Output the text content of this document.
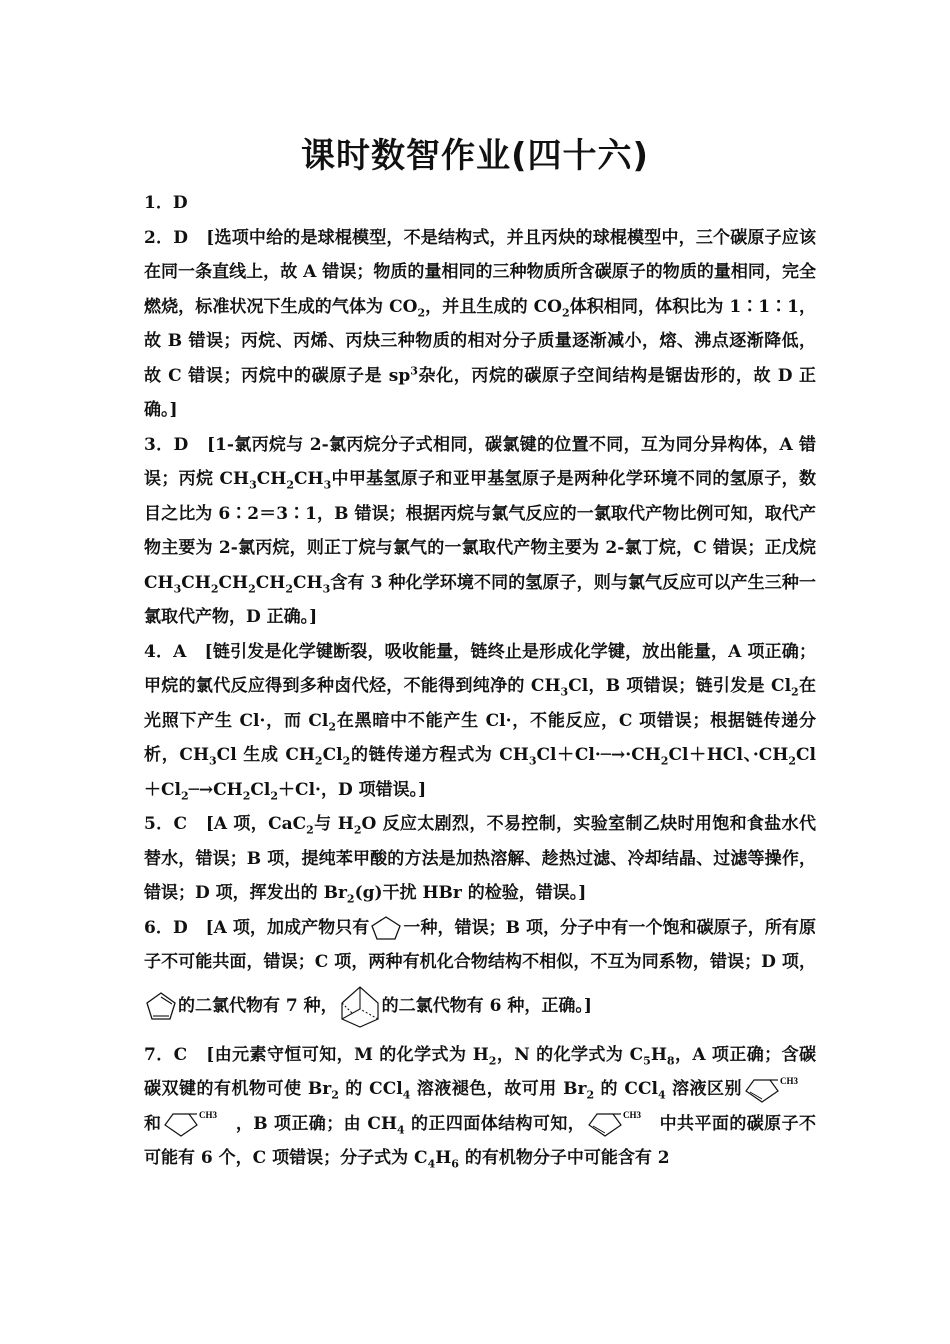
课时数智作业(四十六)

1．D

2．D [选项中给的是球棍模型，不是结构式，并且丙炔的球棍模型中，三个碳原子应该在同一条直线上，故 A 错误；物质的量相同的三种物质所含碳原子的物质的量相同，完全燃烧，标准状况下生成的气体为 $CO_2$，并且生成的 $CO_2$体积相同，体积比为 1∶1∶1，故 B 错误；丙烷、丙烯、丙炔三种物质的相对分子质量逐渐减小，熔、沸点逐渐降低，故 C 错误；丙烷中的碳原子是 $sp^3$杂化，丙烷的碳原子空间结构是锯齿形的，故 D 正确。]

3．D [1-氯丙烷与 2-氯丙烷分子式相同，碳氯键的位置不同，互为同分异构体，A 错误；丙烷 $CH_3CH_2CH_3$中甲基氢原子和亚甲基氢原子是两种化学环境不同的氢原子，数目之比为 6∶2＝3∶1，B 错误；根据丙烷与氯气反应的一氯取代产物比例可知，取代产物主要为 2-氯丙烷，则正丁烷与氯气的一氯取代产物主要为 2-氯丁烷，C 错误；正戊烷 $CH_3CH_2CH_2CH_2CH_3$含有 3 种化学环境不同的氢原子，则与氯气反应可以产生三种一氯取代产物，D 正确。]

4．A [链引发是化学键断裂，吸收能量，链终止是形成化学键，放出能量，A 项正确；甲烷的氯代反应得到多种卤代烃，不能得到纯净的 $CH_3Cl$，B 项错误；链引发是 $Cl_2$在光照下产生 Cl·，而 $Cl_2$在黑暗中不能产生 Cl·，不能反应，C 项错误；根据链传递分析，$CH_3Cl$ 生成 $CH_2Cl_2$的链传递方程式为 $CH_3Cl+Cl\cdot─\to\cdot CH_2Cl+HCl$、$\cdot CH_2Cl+Cl_2─\to CH_2Cl_2+Cl\cdot$，D 项错误。]

5．C [A 项，CaC$_2$与 $H_2O$ 反应太剧烈，不易控制，实验室制乙炔时用饱和食盐水代替水，错误；B 项，提纯苯甲酸的方法是加热溶解、趁热过滤、冷却结晶、过滤等操作，错误；D 项，挥发出的 $Br_2(g)$干扰 HBr 的检验，错误。]

6．D [A 项，加成产物只有 一种，错误；B 项，分子中有一个饱和碳原子，所有原子不可能共面，错误；C 项，两种有机化合物结构不相似，不互为同系物，错误；D 项，的二氯代物有 7 种，	的二氯代物有 6 种，正确。]

7．C [由元素守恒可知，M 的化学式为 $H_2$，N 的化学式为 $C_5H_8$，A 项正确；含碳碳双键的有机物可使 $Br_2$ 的 CCl$_4$ 溶液褪色，故可用 $Br_2$ 的 CCl$_4$ 溶液区别	CH3
和	CH3 ，B 项正确；由 $CH_4$ 的正四面体结构可知，	CH3 中共平面的碳原子不可能有 6 个，C 项错误；分子式为 $C_4H_6$ 的有机物分子中可能含有 2
